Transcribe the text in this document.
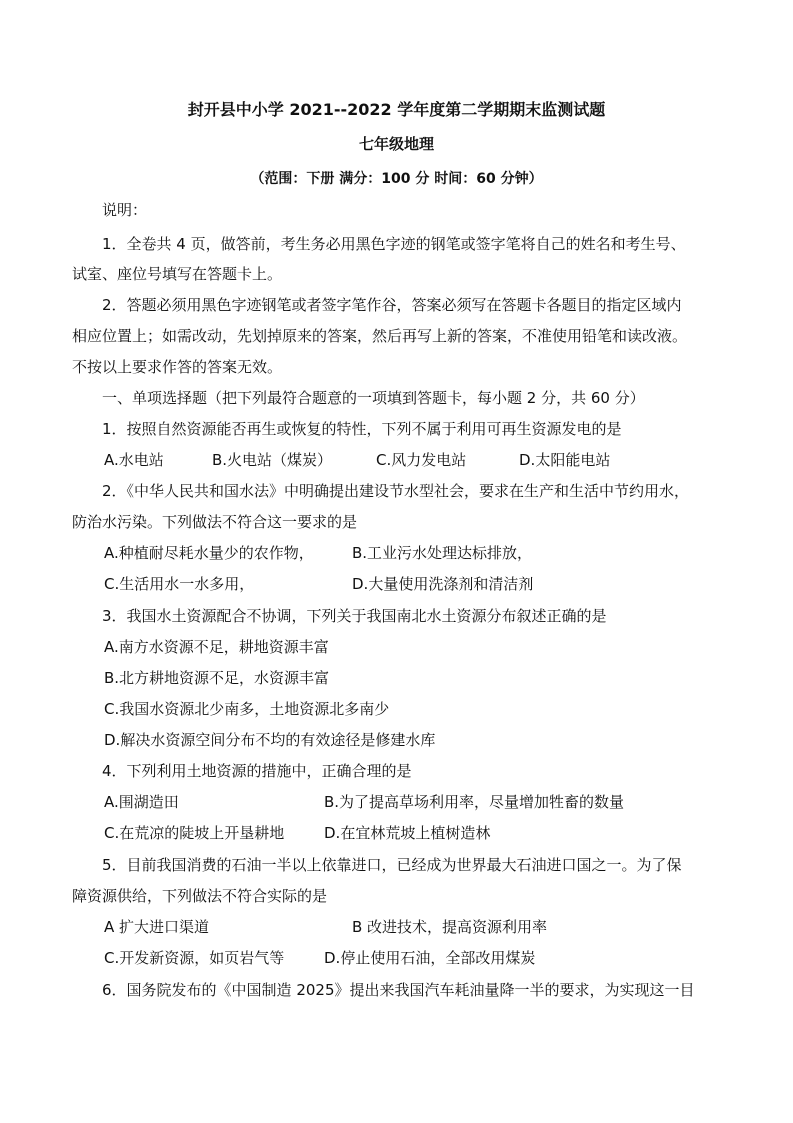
封开县中小学 2021--2022 学年度第二学期期末监测试题
七年级地理
（范围：下册 满分：100 分 时间：60 分钟）
说明：
1．全卷共 4 页，做答前，考生务必用黑色字迹的钢笔或签字笔将自己的姓名和考生号、
试室、座位号填写在答题卡上。
2．答题必须用黑色字迹钢笔或者签字笔作谷，答案必须写在答题卡各题目的指定区域内
相应位置上；如需改动，先划掉原来的答案，然后再写上新的答案，不准使用铅笔和读改液。
不按以上要求作答的答案无效。
一、单项选择题（把下列最符合题意的一项填到答题卡，每小题 2 分，共 60 分）
1．按照自然资源能否再生或恢复的特性，下列不属于利用可再生资源发电的是
A.水电站	B.火电站（煤炭）	C.风力发电站	D.太阳能电站
2．《中华人民共和国水法》中明确提出建设节水型社会，要求在生产和生活中节约用水，
防治水污染。下列做法不符合这一要求的是
A.种植耐尽耗水量少的农作物，	B.工业污水处理达标排放，
C.生活用水一水多用，	D.大量使用洗涤剂和清洁剂
3．我国水土资源配合不协调，下列关于我国南北水土资源分布叙述正确的是
A.南方水资源不足，耕地资源丰富
B.北方耕地资源不足，水资源丰富
C.我国水资源北少南多，土地资源北多南少
D.解决水资源空间分布不均的有效途径是修建水库
4．下列利用土地资源的措施中，正确合理的是
A.围湖造田	B.为了提高草场利用率，尽量增加牲畜的数量
C.在荒凉的陡坡上开垦耕地	D.在宜林荒坡上植树造林
5．目前我国消费的石油一半以上依靠进口，已经成为世界最大石油进口国之一。为了保
障资源供给，下列做法不符合实际的是
A 扩大进口渠道	B 改进技术，提高资源利用率
C.开发新资源，如页岩气等	D.停止使用石油，全部改用煤炭
6．国务院发布的《中国制造 2025》提出来我国汽车耗油量降一半的要求，为实现这一目
